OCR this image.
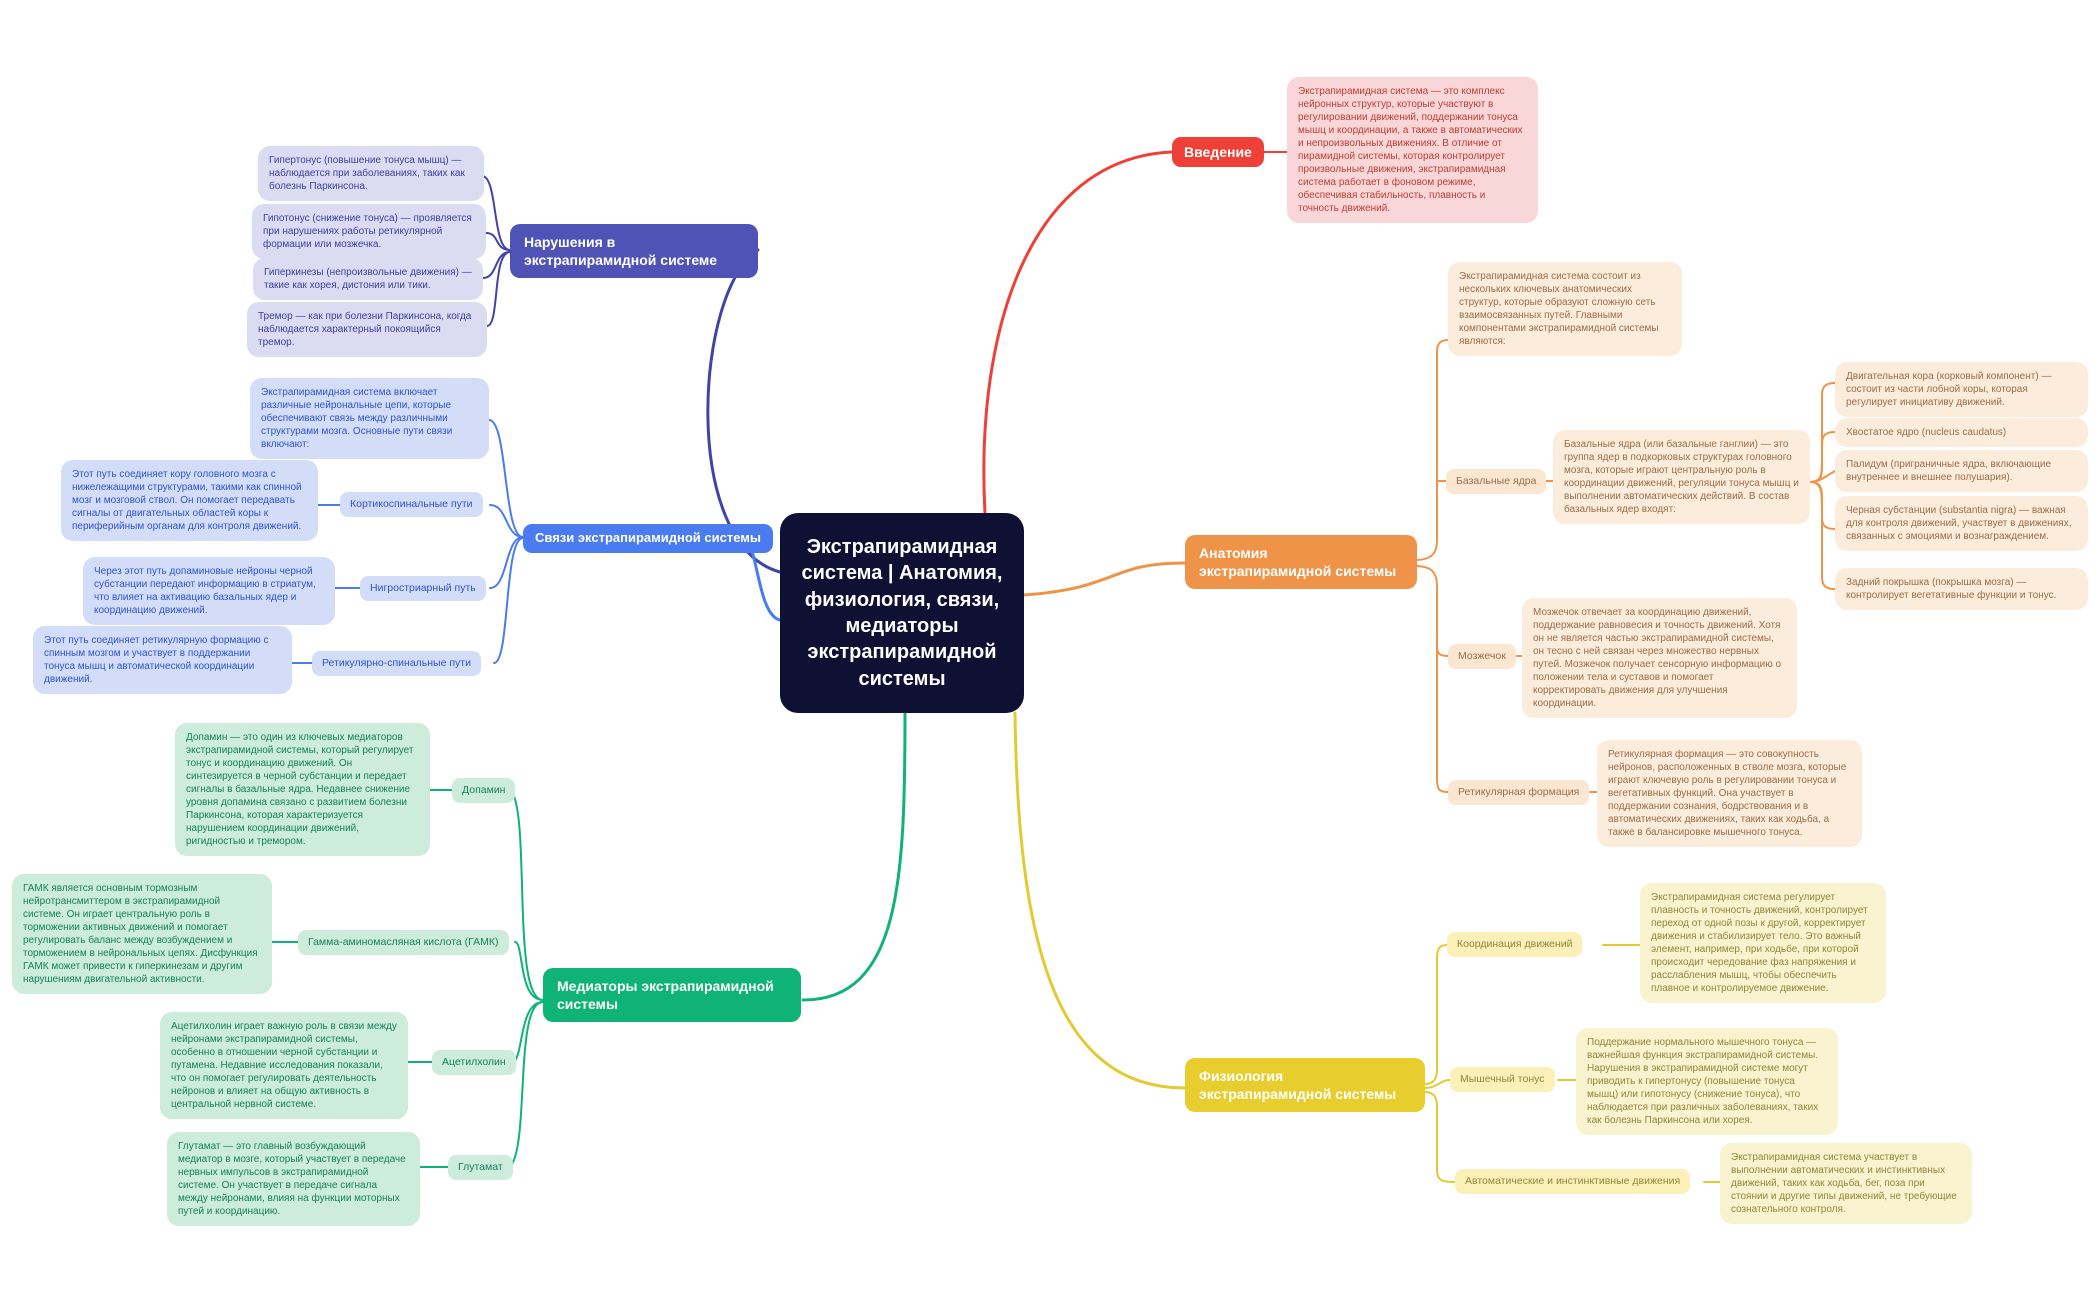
Экстрапирамидная система | Анатомия, физиология, связи, медиаторы экстрапирамидной системы
Нарушения в экстрапирамидной системе
Гипертонус (повышение тонуса мышц) — наблюдается при заболеваниях, таких как болезнь Паркинсона.
Гипотонус (снижение тонуса) — проявляется при нарушениях работы ретикулярной формации или мозжечка.
Гиперкинезы (непроизвольные движения) — такие как хорея, дистония или тики.
Тремор — как при болезни Паркинсона, когда наблюдается характерный покоящийся тремор.
Связи экстрапирамидной системы
Экстрапирамидная система включает различные нейрональные цепи, которые обеспечивают связь между различными структурами мозга. Основные пути связи включают:
Кортикоспинальные пути
Этот путь соединяет кору головного мозга с нижележащими структурами, такими как спинной мозг и мозговой ствол. Он помогает передавать сигналы от двигательных областей коры к периферийным органам для контроля движений.
Нигростриарный путь
Через этот путь допаминовые нейроны черной субстанции передают информацию в стриатум, что влияет на активацию базальных ядер и координацию движений.
Ретикулярно-спинальные пути
Этот путь соединяет ретикулярную формацию с спинным мозгом и участвует в поддержании тонуса мышц и автоматической координации движений.
Медиаторы экстрапирамидной системы
Допамин
Допамин — это один из ключевых медиаторов экстрапирамидной системы, который регулирует тонус и координацию движений. Он синтезируется в черной субстанции и передает сигналы в базальные ядра. Недавнее снижение уровня допамина связано с развитием болезни Паркинсона, которая характеризуется нарушением координации движений, ригидностью и тремором.
Гамма-аминомасляная кислота (ГАМК)
ГАМК является основным тормозным нейротрансмиттером в экстрапирамидной системе. Он играет центральную роль в торможении активных движений и помогает регулировать баланс между возбуждением и торможением в нейрональных цепях. Дисфункция ГАМК может привести к гиперкинезам и другим нарушениям двигательной активности.
Ацетилхолин
Ацетилхолин играет важную роль в связи между нейронами экстрапирамидной системы, особенно в отношении черной субстанции и путамена. Недавние исследования показали, что он помогает регулировать деятельность нейронов и влияет на общую активность в центральной нервной системе.
Глутамат
Глутамат — это главный возбуждающий медиатор в мозге, который участвует в передаче нервных импульсов в экстрапирамидной системе. Он участвует в передаче сигнала между нейронами, влияя на функции моторных путей и координацию.
Введение
Экстрапирамидная система — это комплекс нейронных структур, которые участвуют в регулировании движений, поддержании тонуса мышц и координации, а также в автоматических и непроизвольных движениях. В отличие от пирамидной системы, которая контролирует произвольные движения, экстрапирамидная система работает в фоновом режиме, обеспечивая стабильность, плавность и точность движений.
Анатомия экстрапирамидной системы
Экстрапирамидная система состоит из нескольких ключевых анатомических структур, которые образуют сложную сеть взаимосвязанных путей. Главными компонентами экстрапирамидной системы являются:
Базальные ядра
Базальные ядра (или базальные ганглии) — это группа ядер в подкорковых структурах головного мозга, которые играют центральную роль в координации движений, регуляции тонуса мышц и выполнении автоматических действий. В состав базальных ядер входят:
Двигательная кора (корковый компонент) — состоит из части лобной коры, которая регулирует инициативу движений.
Хвостатое ядро (nucleus caudatus)
Палидум (приграничные ядра, включающие внутреннее и внешнее полушария).
Черная субстанции (substantia nigra) — важная для контроля движений, участвует в движениях, связанных с эмоциями и вознаграждением.
Задний покрышка (покрышка мозга) — контролирует вегетативные функции и тонус.
Мозжечок
Мозжечок отвечает за координацию движений, поддержание равновесия и точность движений. Хотя он не является частью экстрапирамидной системы, он тесно с ней связан через множество нервных путей. Мозжечок получает сенсорную информацию о положении тела и суставов и помогает корректировать движения для улучшения координации.
Ретикулярная формация
Ретикулярная формация — это совокупность нейронов, расположенных в стволе мозга, которые играют ключевую роль в регулировании тонуса и вегетативных функций. Она участвует в поддержании сознания, бодрствования и в автоматических движениях, таких как ходьба, а также в балансировке мышечного тонуса.
Физиология экстрапирамидной системы
Координация движений
Экстрапирамидная система регулирует плавность и точность движений, контролирует переход от одной позы к другой, корректирует движения и стабилизирует тело. Это важный элемент, например, при ходьбе, при которой происходит чередование фаз напряжения и расслабления мышц, чтобы обеспечить плавное и контролируемое движение.
Мышечный тонус
Поддержание нормального мышечного тонуса — важнейшая функция экстрапирамидной системы. Нарушения в экстрапирамидной системе могут приводить к гипертонусу (повышение тонуса мышц) или гипотонусу (снижение тонуса), что наблюдается при различных заболеваниях, таких как болезнь Паркинсона или хорея.
Автоматические и инстинктивные движения
Экстрапирамидная система участвует в выполнении автоматических и инстинктивных движений, таких как ходьба, бег, поза при стоянии и другие типы движений, не требующие сознательного контроля.
